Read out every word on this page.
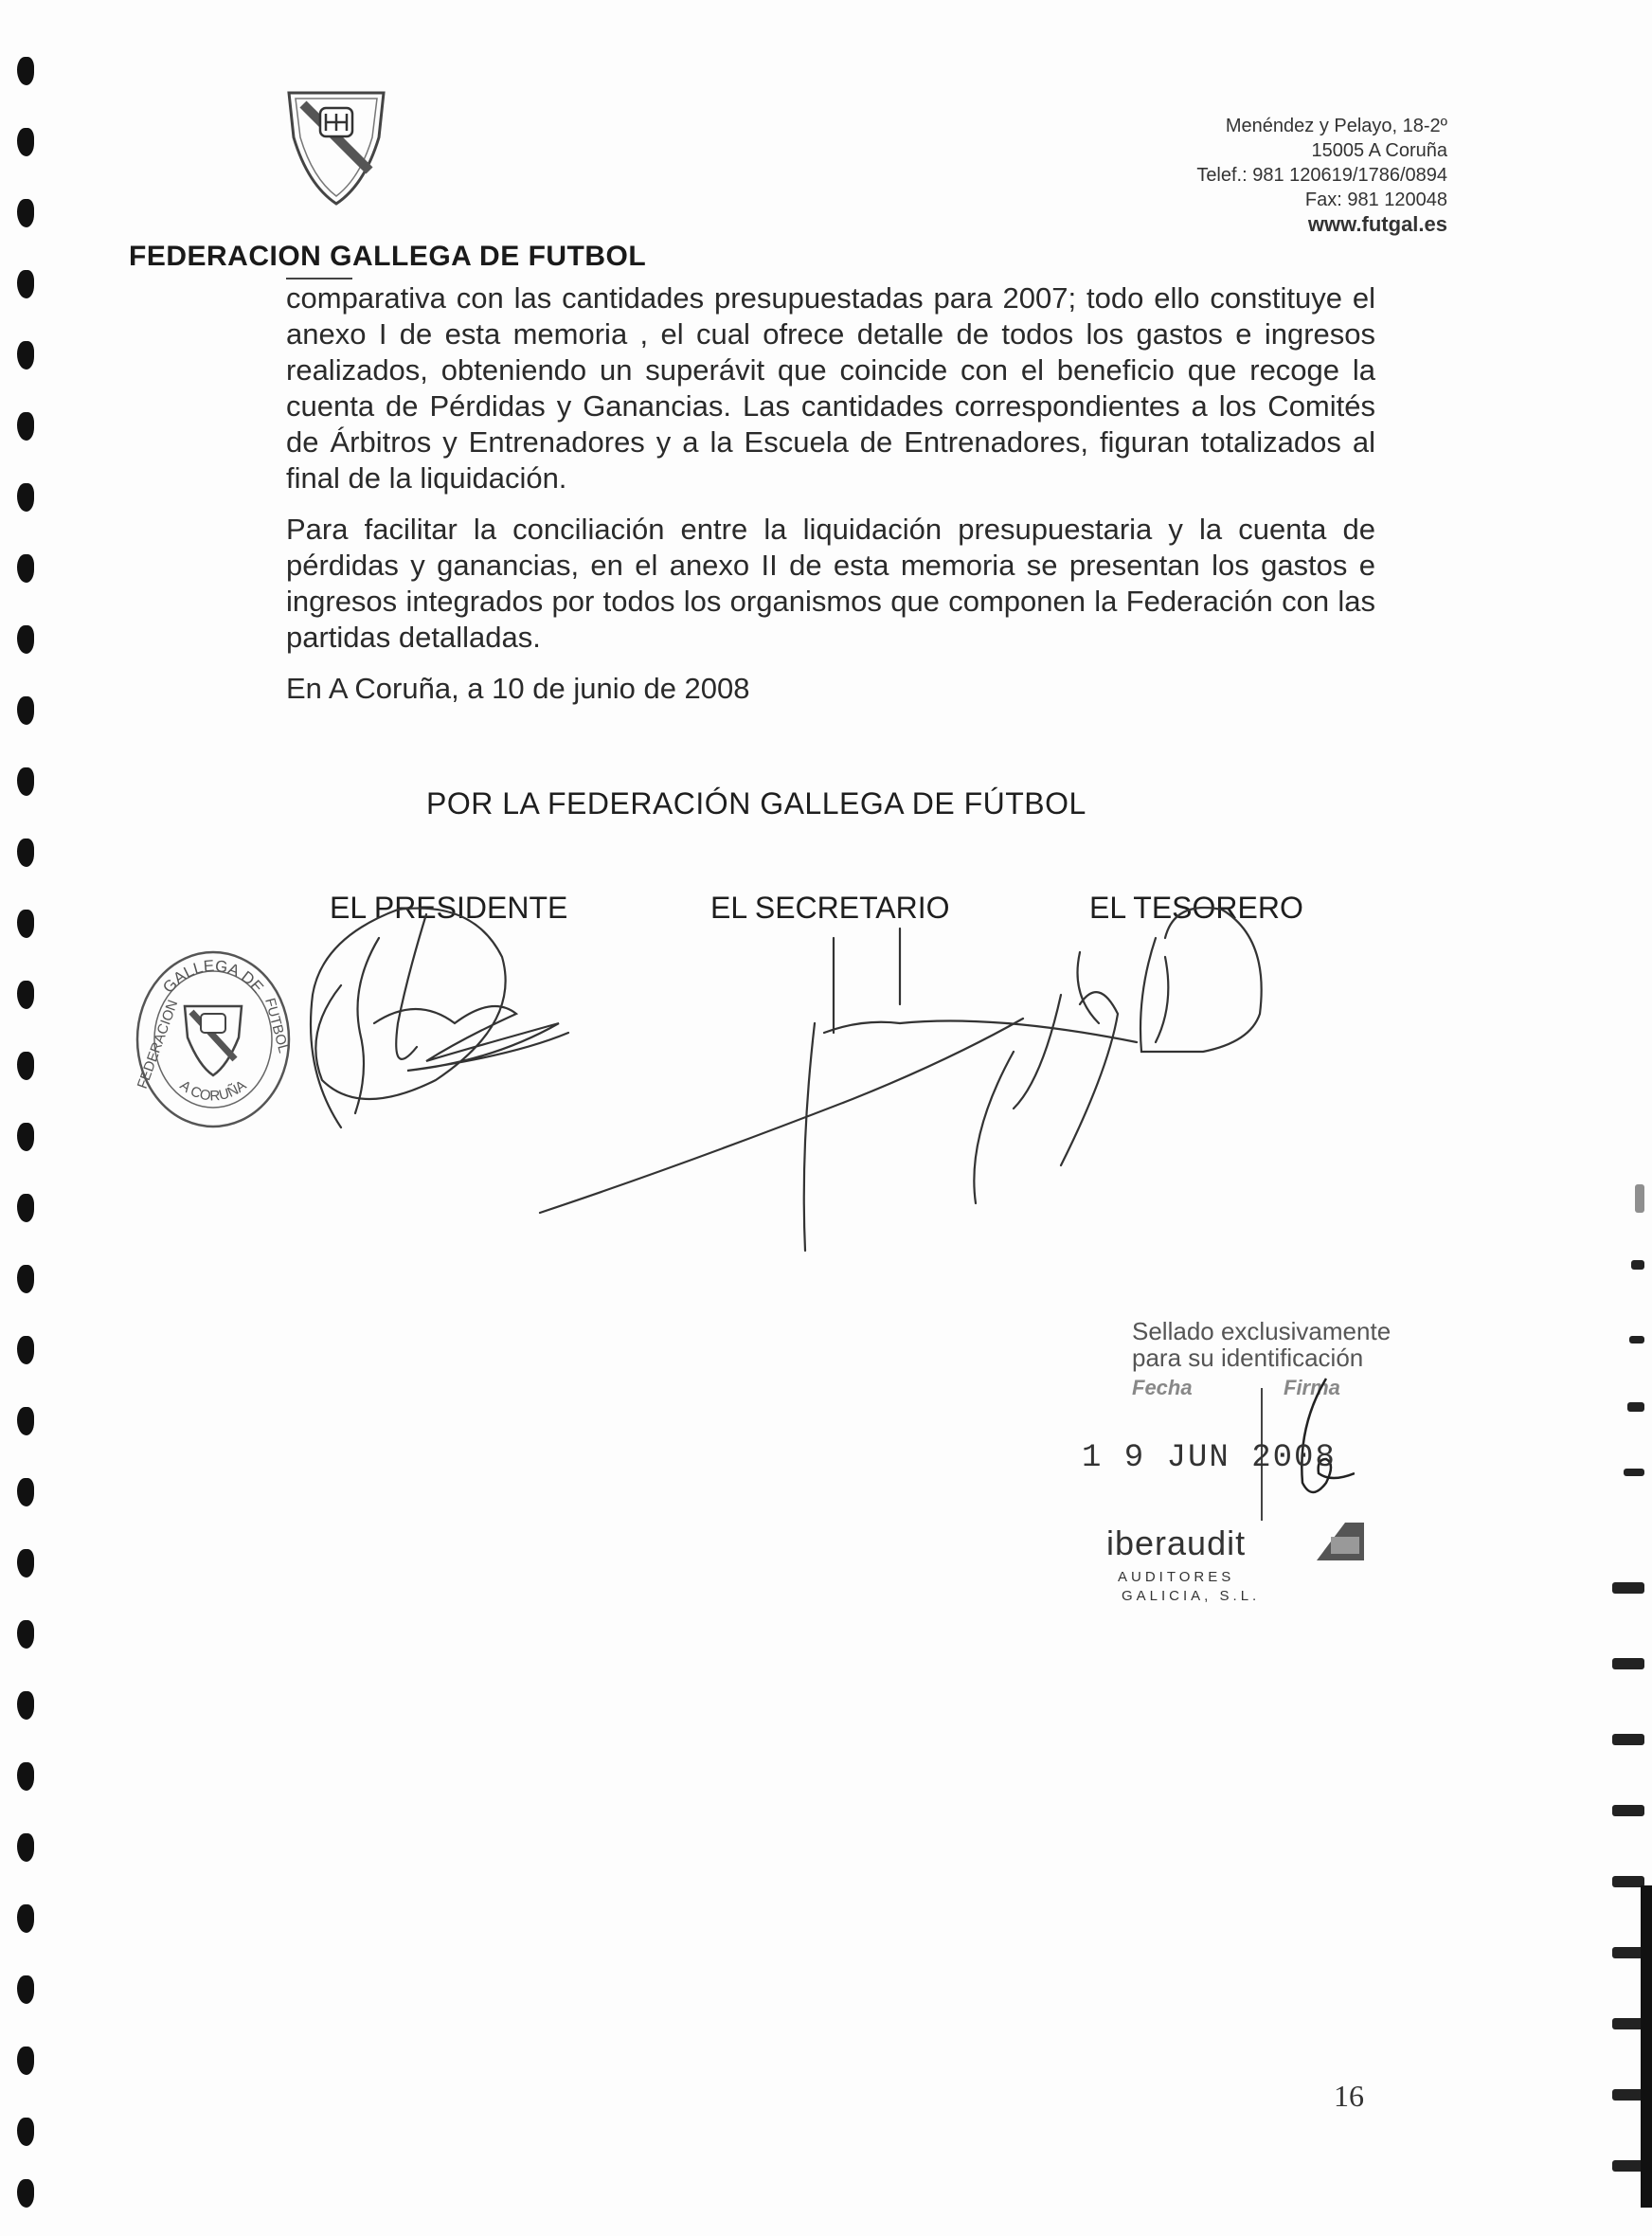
FEDERACION GALLEGA DE FUTBOL
Menéndez y Pelayo, 18-2º
15005 A Coruña
Telef.: 981 120619/1786/0894
Fax: 981 120048
www.futgal.es

comparativa con las cantidades presupuestadas para 2007; todo ello constituye el anexo I de esta memoria , el cual ofrece detalle de todos los gastos e ingresos realizados, obteniendo un superávit que coincide con el beneficio que recoge la cuenta de Pérdidas y Ganancias. Las cantidades correspondientes a los Comités de Árbitros y Entrenadores y a la Escuela de Entrenadores, figuran totalizados al final de la liquidación.

Para facilitar la conciliación entre la liquidación presupuestaria y la cuenta de pérdidas y ganancias, en el anexo II de esta memoria se presentan los gastos e ingresos integrados por todos los organismos que componen la Federación con las partidas detalladas.

En A Coruña, a 10 de junio de 2008

POR LA FEDERACIÓN GALLEGA DE FÚTBOL
EL PRESIDENTE	EL SECRETARIO	EL TESORERO
GALLEGA DE
A CORUÑA
FEDERACION	FUTBOL
Sellado exclusivamente
para su identificación
Fecha	Firma
1 9 JUN 2008
iberaudit
AUDITORES
GALICIA, S.L.
16
